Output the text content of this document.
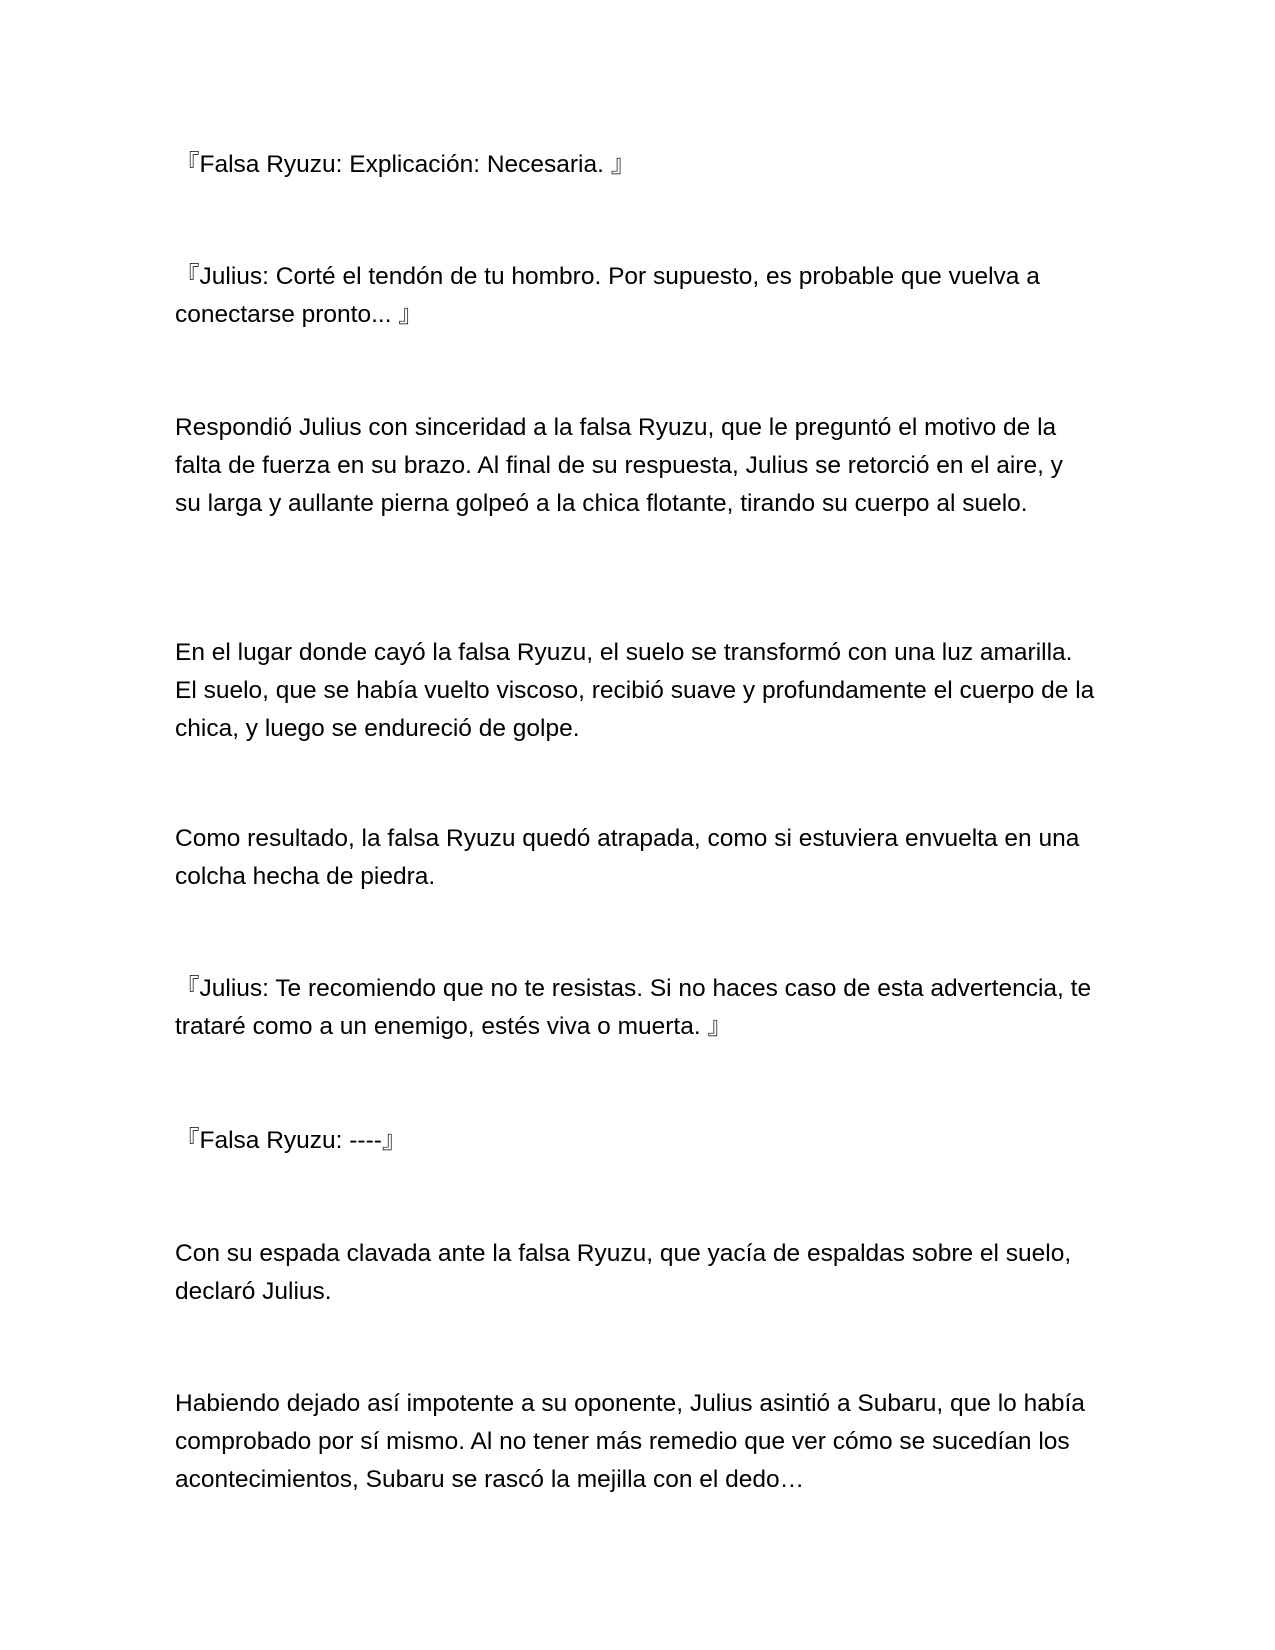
『Falsa Ryuzu: Explicación: Necesaria. 』

『Julius: Corté el tendón de tu hombro. Por supuesto, es probable que vuelva a conectarse pronto... 』

Respondió Julius con sinceridad a la falsa Ryuzu, que le preguntó el motivo de la falta de fuerza en su brazo. Al final de su respuesta, Julius se retorció en el aire, y su larga y aullante pierna golpeó a la chica flotante, tirando su cuerpo al suelo.

En el lugar donde cayó la falsa Ryuzu, el suelo se transformó con una luz amarilla. El suelo, que se había vuelto viscoso, recibió suave y profundamente el cuerpo de la chica, y luego se endureció de golpe.

Como resultado, la falsa Ryuzu quedó atrapada, como si estuviera envuelta en una colcha hecha de piedra.

『Julius: Te recomiendo que no te resistas. Si no haces caso de esta advertencia, te trataré como a un enemigo, estés viva o muerta. 』

『Falsa Ryuzu: ----』

Con su espada clavada ante la falsa Ryuzu, que yacía de espaldas sobre el suelo, declaró Julius.

Habiendo dejado así impotente a su oponente, Julius asintió a Subaru, que lo había comprobado por sí mismo. Al no tener más remedio que ver cómo se sucedían los acontecimientos, Subaru se rascó la mejilla con el dedo…
